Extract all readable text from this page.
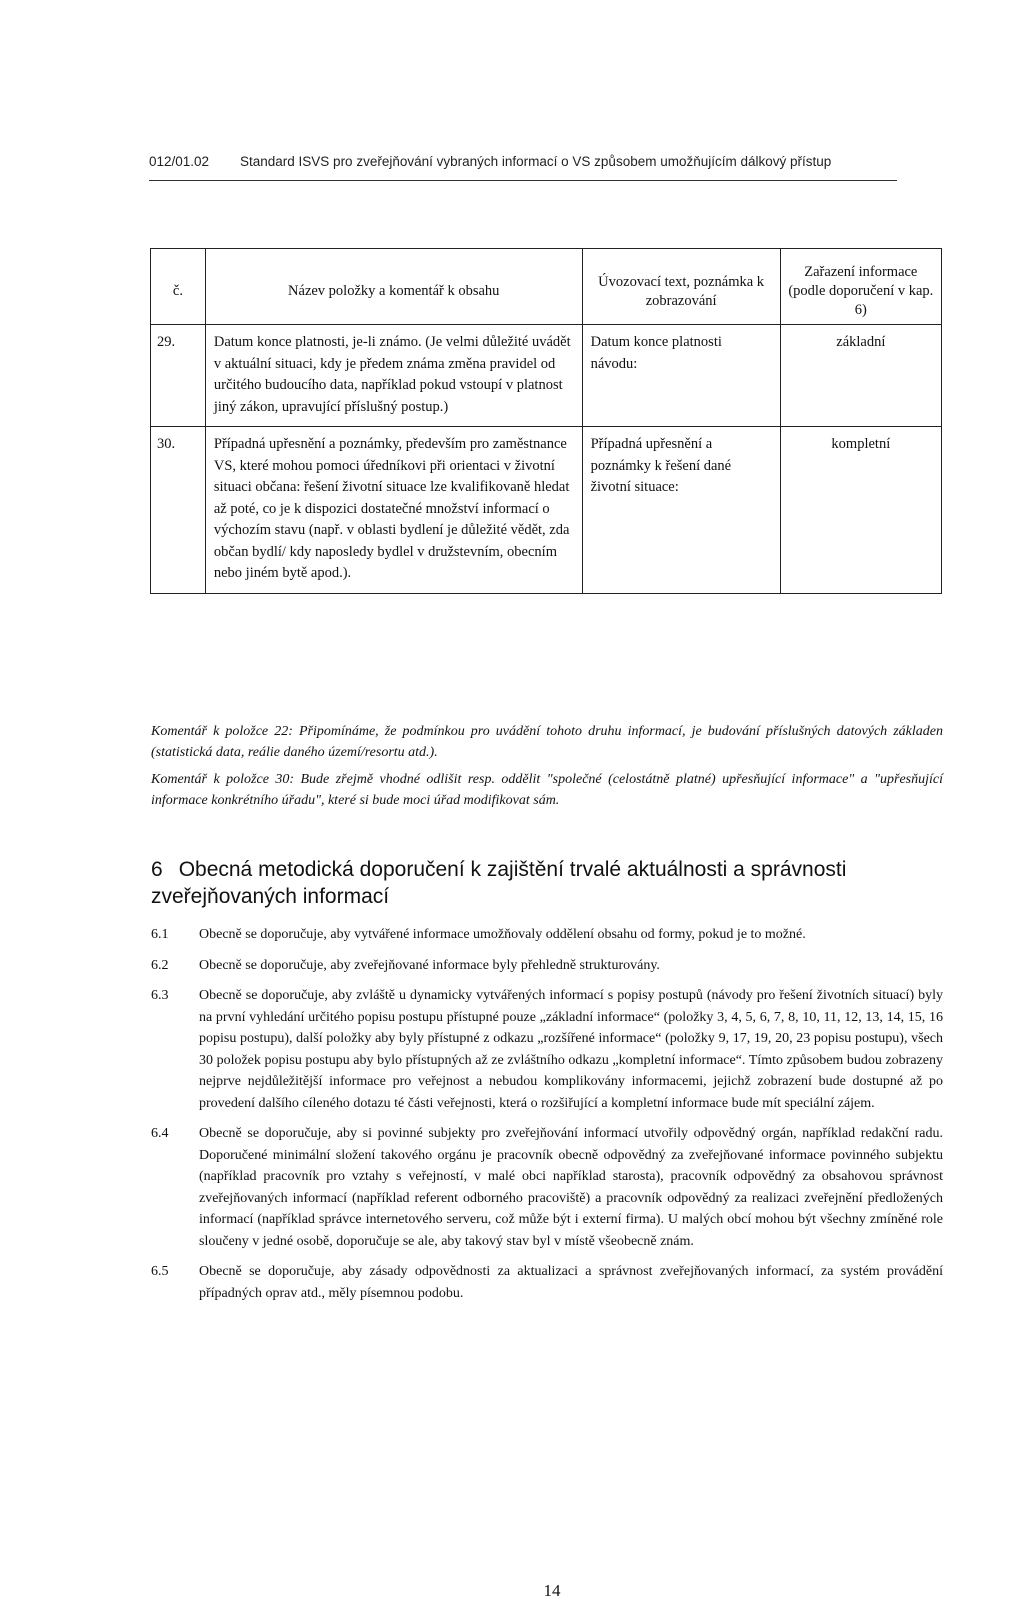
012/01.02 Standard ISVS pro zveřejňování vybraných informací o VS způsobem umožňujícím dálkový přístup
č.	Název položky a komentář k obsahu	Úvozovací text, poznámka k zobrazování	Zařazení informace (podle doporučení v kap. 6)
29.	Datum konce platnosti, je-li známo. (Je velmi důležité uvádět v aktuální situaci, kdy je předem známa změna pravidel od určitého budoucího data, například pokud vstoupí v platnost jiný zákon, upravující příslušný postup.)	Datum konce platnosti návodu:	základní
30.	Případná upřesnění a poznámky, především pro zaměstnance VS, které mohou pomoci úředníkovi při orientaci v životní situaci občana: řešení životní situace lze kvalifikovaně hledat až poté, co je k dispozici dostatečné množství informací o výchozím stavu (např. v oblasti bydlení je důležité vědět, zda občan bydlí/ kdy naposledy bydlel v družstevním, obecním nebo jiném bytě apod.).	Případná upřesnění a poznámky k řešení dané životní situace:	kompletní

Komentář k položce 22: Připomínáme, že podmínkou pro uvádění tohoto druhu informací, je budování příslušných datových základen (statistická data, reálie daného území/resortu atd.).

Komentář k položce 30: Bude zřejmě vhodné odlišit resp. oddělit "společné (celostátně platné) upřesňující informace" a "upřesňující informace konkrétního úřadu", které si bude moci úřad modifikovat sám.

6 Obecná metodická doporučení k zajištění trvalé aktuálnosti a správnosti zveřejňovaných informací
6.1	Obecně se doporučuje, aby vytvářené informace umožňovaly oddělení obsahu od formy, pokud je to možné.
6.2	Obecně se doporučuje, aby zveřejňované informace byly přehledně strukturovány.
6.3	Obecně se doporučuje, aby zvláště u dynamicky vytvářených informací s popisy postupů (návody pro řešení životních situací) byly na první vyhledání určitého popisu postupu přístupné pouze „základní informace“ (položky 3, 4, 5, 6, 7, 8, 10, 11, 12, 13, 14, 15, 16 popisu postupu), další položky aby byly přístupné z odkazu „rozšířené informace“ (položky 9, 17, 19, 20, 23 popisu postupu), všech 30 položek popisu postupu aby bylo přístupných až ze zvláštního odkazu „kompletní informace“. Tímto způsobem budou zobrazeny nejprve nejdůležitější informace pro veřejnost a nebudou komplikovány informacemi, jejichž zobrazení bude dostupné až po provedení dalšího cíleného dotazu té části veřejnosti, která o rozšiřující a kompletní informace bude mít speciální zájem.
6.4	Obecně se doporučuje, aby si povinné subjekty pro zveřejňování informací utvořily odpovědný orgán, například redakční radu. Doporučené minimální složení takového orgánu je pracovník obecně odpovědný za zveřejňované informace povinného subjektu (například pracovník pro vztahy s veřejností, v malé obci například starosta), pracovník odpovědný za obsahovou správnost zveřejňovaných informací (například referent odborného pracoviště) a pracovník odpovědný za realizaci zveřejnění předložených informací (například správce internetového serveru, což může být i externí firma). U malých obcí mohou být všechny zmíněné role sloučeny v jedné osobě, doporučuje se ale, aby takový stav byl v místě všeobecně znám.
6.5	Obecně se doporučuje, aby zásady odpovědnosti za aktualizaci a správnost zveřejňovaných informací, za systém provádění případných oprav atd., měly písemnou podobu.
14
